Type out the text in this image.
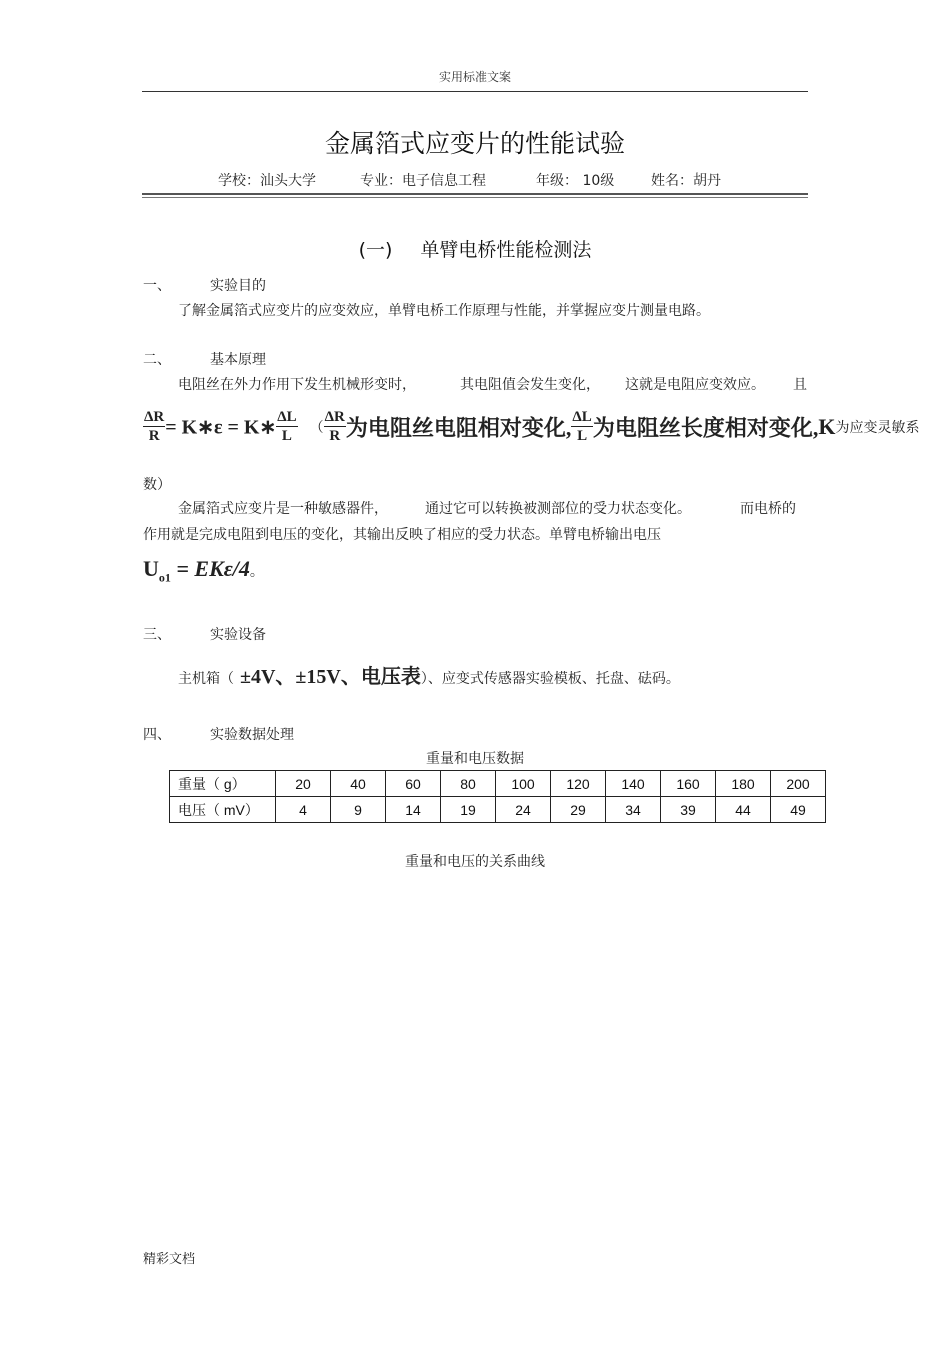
实用标准文案
金属箔式应变片的性能试验
学校：汕头大学	专业：电子信息工程	年级： 10级	姓名：胡丹
(一) 单臂电桥性能检测法
一、	实验目的
了解金属箔式应变片的应变效应，单臂电桥工作原理与性能，并掌握应变片测量电路。
二、	基本原理
电阻丝在外力作用下发生机械形变时，	其电阻值会发生变化， 这就是电阻应变效应。 且
$\frac{\Delta R}{R}$ = K∗ε = K∗ $\frac{\Delta L}{L}$ （ $\frac{\Delta R}{R}$ 为电阻丝电阻相对变化, $\frac{\Delta L}{L}$ 为电阻丝长度相对变化,K为应变灵敏系
数）
金属箔式应变片是一种敏感器件，	通过它可以转换被测部位的受力状态变化。	而电桥的
作用就是完成电阻到电压的变化，其输出反映了相应的受力状态。单臂电桥输出电压
$U_{o1} = EK\varepsilon/4$。
三、	实验设备
主机箱（ ±4V、±15V、电压表）、应变式传感器实验模板、托盘、砝码。
四、	实验数据处理
重量和电压数据
重量（ g）	20	40	60	80	100	120	140	160	180	200
电压（ mV）	4	9	14	19	24	29	34	39	44	49
重量和电压的关系曲线
精彩文档
